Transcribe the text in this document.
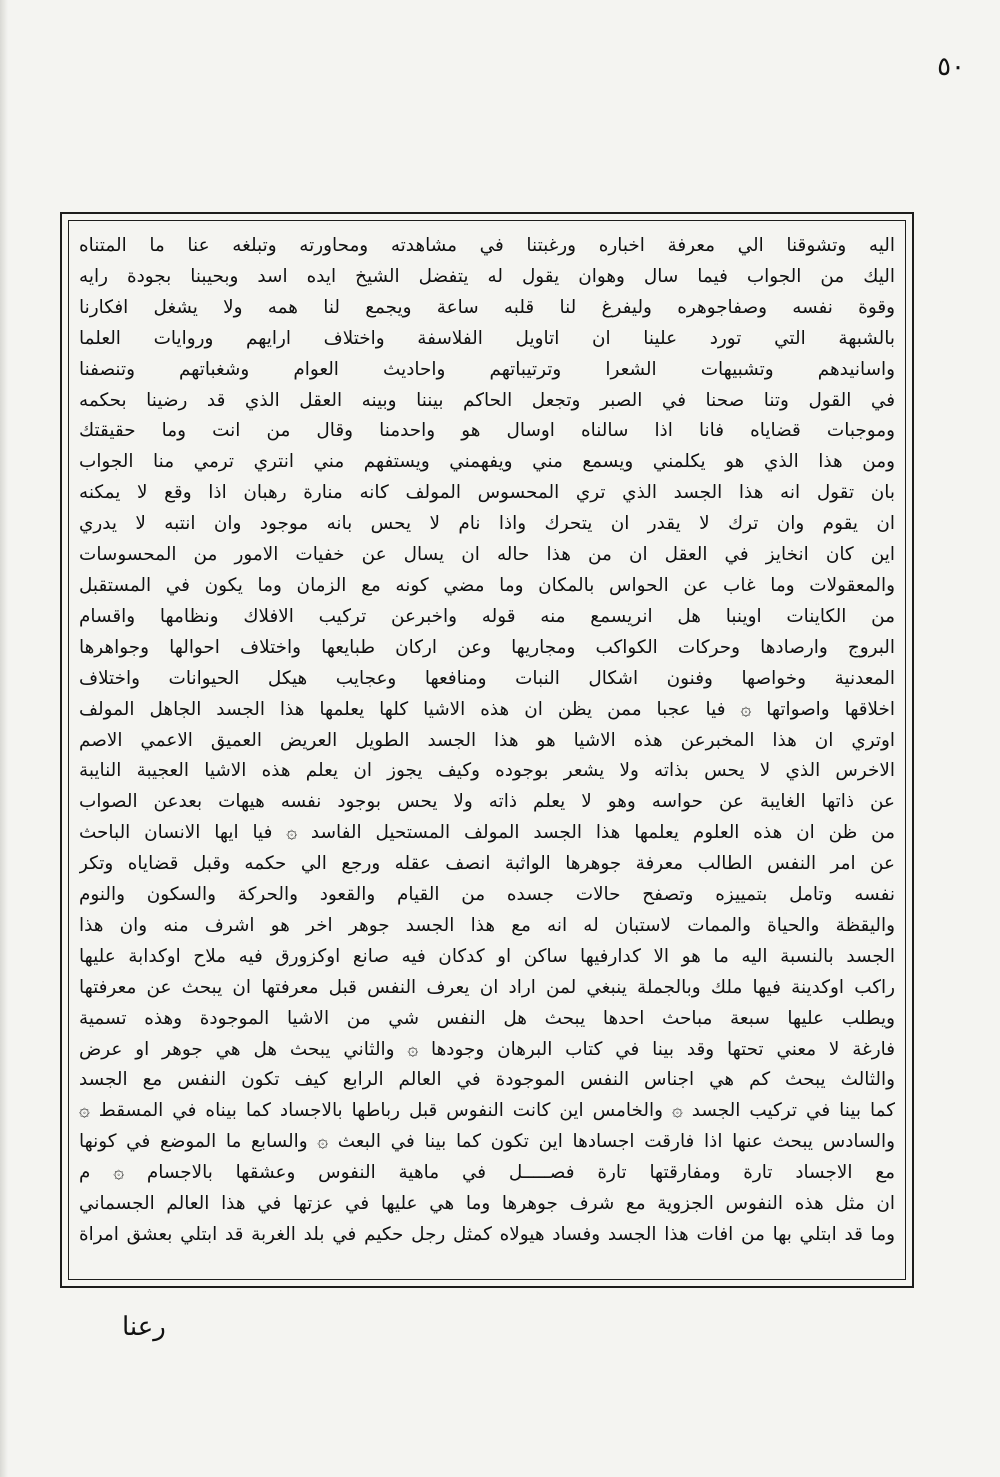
٥٠
اليه وتشوقنا الي معرفة اخباره ورغبتنا في مشاهدته ومحاورته وتبلغه عنا ما المتناه
اليك من الجواب فيما سال وهوان يقول له يتفضل الشيخ ايده اسد وبحيبنا بجودة رايه
وقوة نفسه وصفاجوهره وليفرغ لنا قلبه ساعة ويجمع لنا همه ولا يشغل افكارنا
بالشبهة التي تورد علينا ان اتاويل الفلاسفة واختلاف ارايهم وروايات العلما
واسانيدهم وتشبيهات الشعرا وترتيباتهم واحاديث العوام وشغباتهم وتنصفنا
في القول وتنا صحنا في الصبر وتجعل الحاكم بيننا وبينه العقل الذي قد رضينا بحكمه
وموجبات قضاياه فانا اذا سالناه اوسال هو واحدمنا وقال من انت وما حقيقتك
ومن هذا الذي هو يكلمني ويسمع مني ويفهمني ويستفهم مني انتري ترمي منا الجواب
بان تقول انه هذا الجسد الذي تري المحسوس المولف كانه منارة رهبان اذا وقع لا يمكنه
ان يقوم وان ترك لا يقدر ان يتحرك واذا نام لا يحس بانه موجود وان انتبه لا يدري
اين كان انخايز في العقل ان من هذا حاله ان يسال عن خفيات الامور من المحسوسات
والمعقولات وما غاب عن الحواس بالمكان وما مضي كونه مع الزمان وما يكون في المستقبل
من الكاينات اوينبا هل انريسمع منه قوله واخبرعن تركيب الافلاك ونظامها واقسام
البروج وارصادها وحركات الكواكب ومجاريها وعن اركان طبايعها واختلاف احوالها وجواهرها
المعدنية وخواصها وفنون اشكال النبات ومنافعها وعجايب هيكل الحيوانات واختلاف
اخلاقها واصواتها ۞ فيا عجبا ممن يظن ان هذه الاشيا كلها يعلمها هذا الجسد الجاهل المولف
اوتري ان هذا المخبرعن هذه الاشيا هو هذا الجسد الطويل العريض العميق الاعمي الاصم
الاخرس الذي لا يحس بذاته ولا يشعر بوجوده وكيف يجوز ان يعلم هذه الاشيا العجيبة النايبة
عن ذاتها الغايبة عن حواسه وهو لا يعلم ذاته ولا يحس بوجود نفسه هيهات بعدعن الصواب
من ظن ان هذه العلوم يعلمها هذا الجسد المولف المستحيل الفاسد ۞ فيا ايها الانسان الباحث
عن امر النفس الطالب معرفة جوهرها الواثبة انصف عقله ورجع الي حكمه وقبل قضاياه وتكر
نفسه وتامل بتمييزه وتصفح حالات جسده من القيام والقعود والحركة والسكون والنوم
واليقظة والحياة والممات لاستبان له انه مع هذا الجسد جوهر اخر هو اشرف منه وان هذا
الجسد بالنسبة اليه ما هو الا كدارفيها ساكن او كدكان فيه صانع اوكزورق فيه ملاح اوكدابة عليها
راكب اوكدينة فيها ملك وبالجملة ينبغي لمن اراد ان يعرف النفس قبل معرفتها ان يبحث عن معرفتها
ويطلب عليها سبعة مباحث احدها يبحث هل النفس شي من الاشيا الموجودة وهذه تسمية
فارغة لا معني تحتها وقد بينا في كتاب البرهان وجودها ۞ والثاني يبحث هل هي جوهر او عرض
والثالث يبحث كم هي اجناس النفس الموجودة في العالم الرابع كيف تكون النفس مع الجسد
كما بينا في تركيب الجسد ۞ والخامس اين كانت النفوس قبل رباطها بالاجساد كما بيناه في المسقط ۞
والسادس يبحث عنها اذا فارقت اجسادها اين تكون كما بينا في البعث ۞ والسابع ما الموضع في كونها
مع الاجساد تارة ومفارقتها تارة فصـــــل في ماهية النفوس وعشقها بالاجسام ۞ م
ان مثل هذه النفوس الجزوية مع شرف جوهرها وما هي عليها في عزتها في هذا العالم الجسماني
وما قد ابتلي بها من افات هذا الجسد وفساد هيولاه كمثل رجل حكيم في بلد الغربة قد ابتلي بعشق امراة
رعنا
